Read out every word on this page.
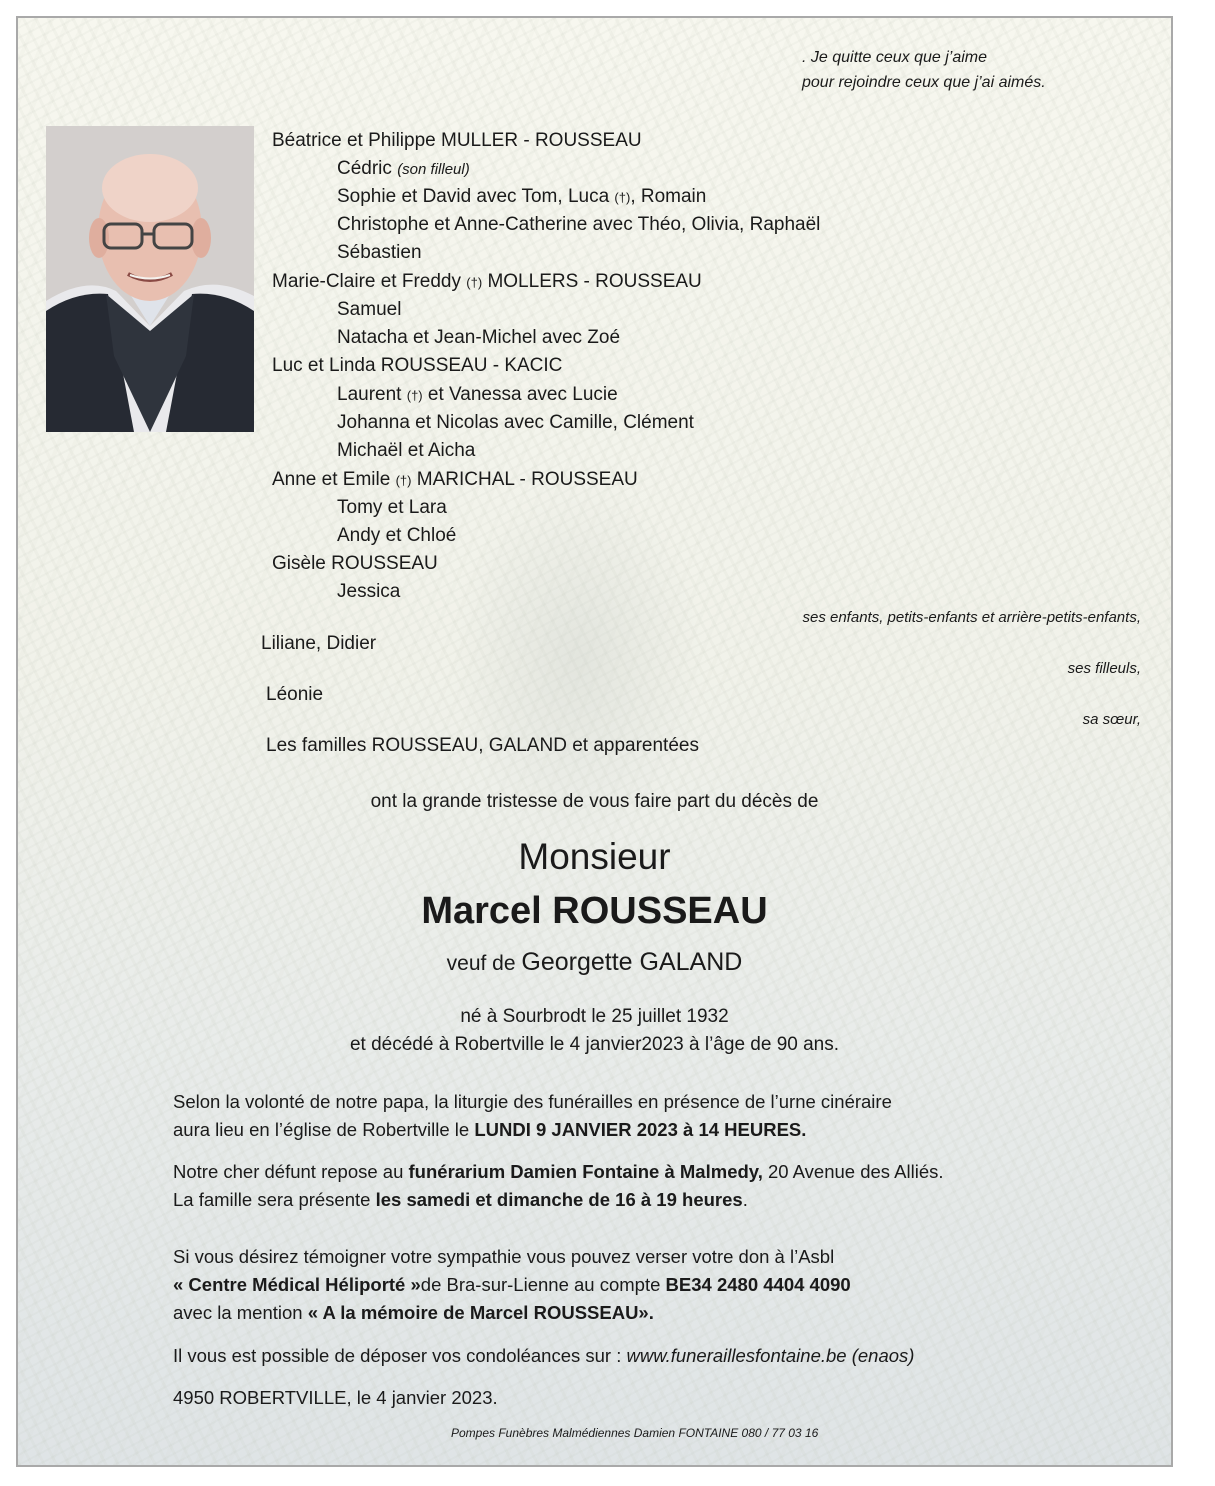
. Je quitte ceux que j’aime
pour rejoindre ceux que j’ai aimés.
Béatrice et Philippe MULLER - ROUSSEAU
Cédric (son filleul)
Sophie et David avec Tom, Luca (†), Romain
Christophe et Anne-Catherine avec Théo, Olivia, Raphaël
Sébastien
Marie-Claire et Freddy (†) MOLLERS - ROUSSEAU
Samuel
Natacha et Jean-Michel avec Zoé
Luc et Linda ROUSSEAU - KACIC
Laurent (†) et Vanessa avec Lucie
Johanna et Nicolas avec Camille, Clément
Michaël et Aicha
Anne et Emile (†) MARICHAL - ROUSSEAU
Tomy et Lara
Andy et Chloé
Gisèle ROUSSEAU
Jessica
ses enfants, petits-enfants et arrière-petits-enfants,
Liliane, Didier
ses filleuls,
Léonie
sa sœur,
Les familles ROUSSEAU, GALAND et apparentées
ont la grande tristesse de vous faire part du décès de
Monsieur
Marcel ROUSSEAU
veuf de Georgette GALAND
né à Sourbrodt le 25 juillet 1932
et décédé à Robertville le 4 janvier2023 à l’âge de 90 ans.
Selon la volonté de notre papa, la liturgie des funérailles en présence de l’urne cinéraire
aura lieu en l’église de Robertville le LUNDI 9 JANVIER 2023 à 14 HEURES.
Notre cher défunt repose au funérarium Damien Fontaine à Malmedy, 20 Avenue des Alliés.
La famille sera présente les samedi et dimanche de 16 à 19 heures.
Si vous désirez témoigner votre sympathie vous pouvez verser votre don à l’Asbl
« Centre Médical Héliporté »de Bra-sur-Lienne au compte BE34 2480 4404 4090
avec la mention « A la mémoire de Marcel ROUSSEAU».
Il vous est possible de déposer vos condoléances sur : www.funeraillesfontaine.be (enaos)
4950 ROBERTVILLE, le 4 janvier 2023.
Pompes Funèbres Malmédiennes Damien FONTAINE 080 / 77 03 16
